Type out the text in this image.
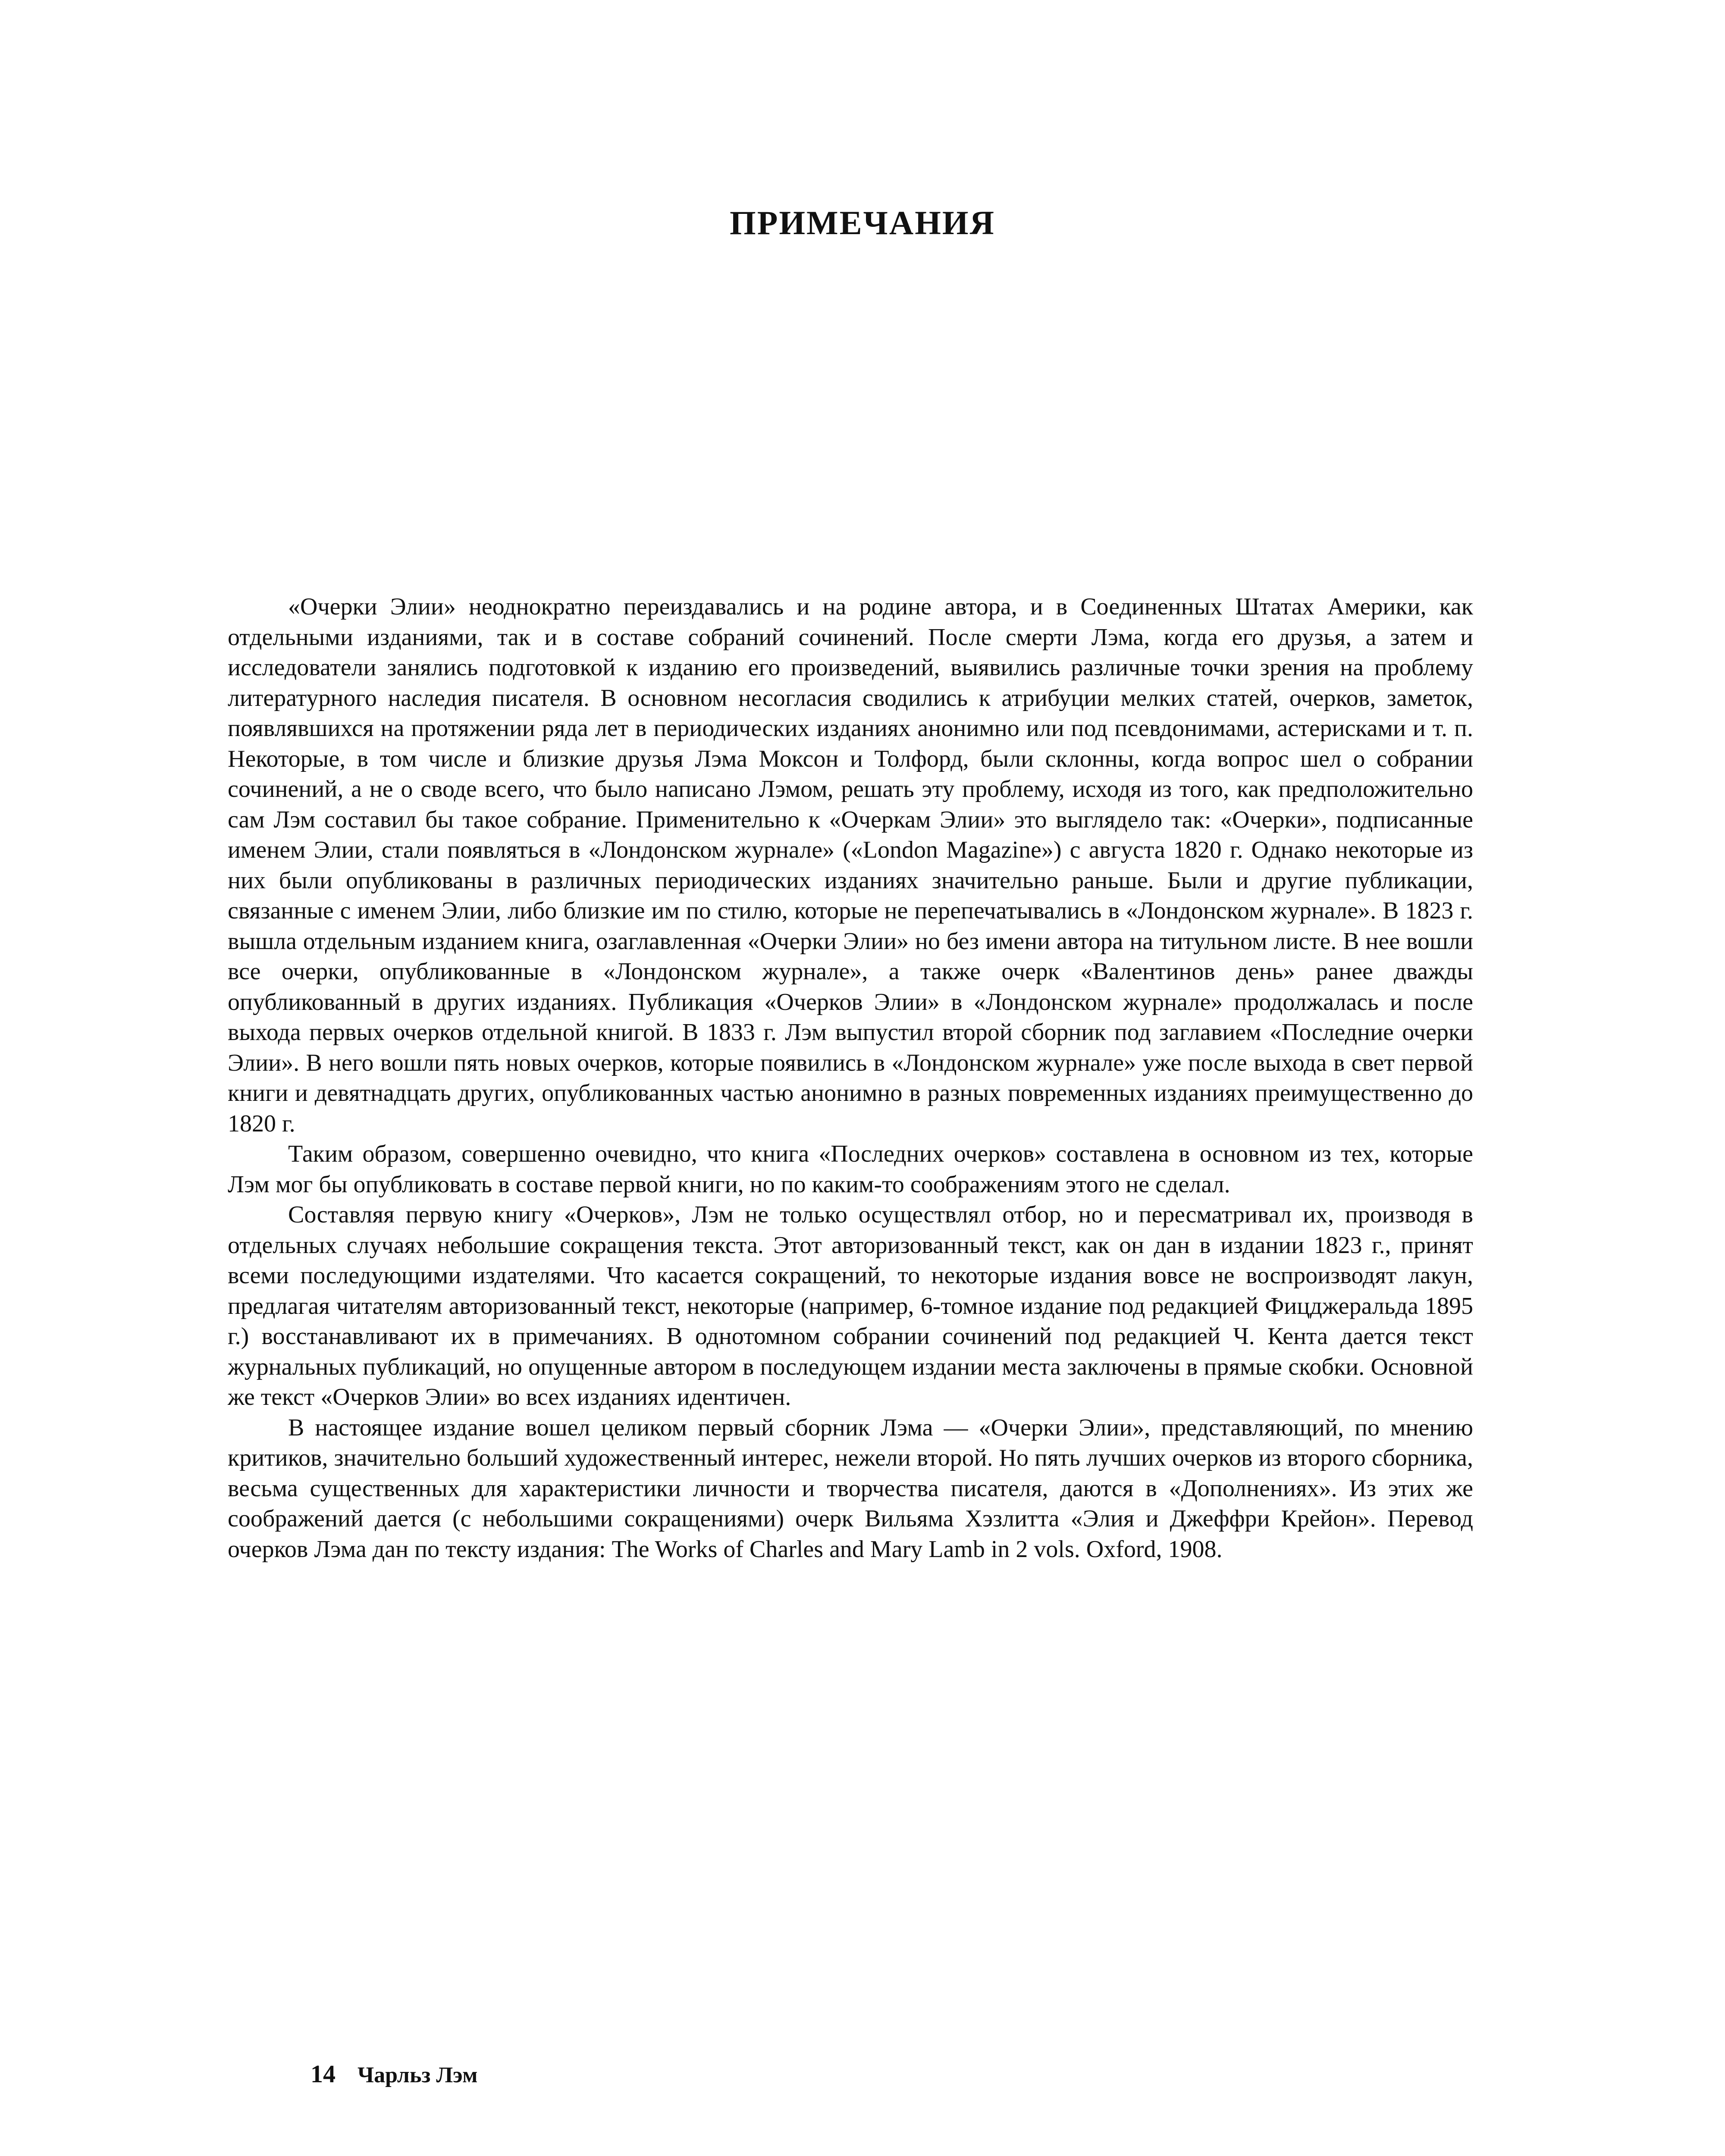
ПРИМЕЧАНИЯ

«Очерки Элии» неоднократно переиздавались и на родине автора, и в Соединенных Штатах Америки, как отдельными изданиями, так и в составе собраний сочинений. После смерти Лэма, когда его друзья, а затем и исследователи занялись подготовкой к изданию его произведений, выявились различные точки зрения на проблему литературного наследия писателя. В основном несогласия сводились к атрибуции мелких статей, очерков, заметок, появлявшихся на протяжении ряда лет в периодических изданиях анонимно или под псевдонимами, астерисками и т. п. Некоторые, в том числе и близкие друзья Лэма Моксон и Толфорд, были склонны, когда вопрос шел о собрании сочинений, а не о своде всего, что было написано Лэмом, решать эту проблему, исходя из того, как предположительно сам Лэм составил бы такое собрание. Применительно к «Очеркам Элии» это выглядело так: «Очерки», подписанные именем Элии, стали появляться в «Лондонском журнале» («London Magazine») с августа 1820 г. Однако некоторые из них были опубликованы в различных периодических изданиях значительно раньше. Были и другие публикации, связанные с именем Элии, либо близкие им по стилю, которые не перепечатывались в «Лондонском журнале». В 1823 г. вышла отдельным изданием книга, озаглавленная «Очерки Элии» но без имени автора на титульном листе. В нее вошли все очерки, опубликованные в «Лондонском журнале», а также очерк «Валентинов день» ранее дважды опубликованный в других изданиях. Публикация «Очерков Элии» в «Лондонском журнале» продолжалась и после выхода первых очерков отдельной книгой. В 1833 г. Лэм выпустил второй сборник под заглавием «Последние очерки Элии». В него вошли пять новых очерков, которые появились в «Лондонском журнале» уже после выхода в свет первой книги и девятнадцать других, опубликованных частью анонимно в разных повременных изданиях преимущественно до 1820 г.

Таким образом, совершенно очевидно, что книга «Последних очерков» составлена в основном из тех, которые Лэм мог бы опубликовать в составе первой книги, но по каким-то соображениям этого не сделал.

Составляя первую книгу «Очерков», Лэм не только осуществлял отбор, но и пересматривал их, производя в отдельных случаях небольшие сокращения текста. Этот авторизованный текст, как он дан в издании 1823 г., принят всеми последующими издателями. Что касается сокращений, то некоторые издания вовсе не воспроизводят лакун, предлагая читателям авторизованный текст, некоторые (например, 6-томное издание под редакцией Фицджеральда 1895 г.) восстанавливают их в примечаниях. В однотомном собрании сочинений под редакцией Ч. Кента дается текст журнальных публикаций, но опущенные автором в последующем издании места заключены в прямые скобки. Основной же текст «Очерков Элии» во всех изданиях идентичен.

В настоящее издание вошел целиком первый сборник Лэма — «Очерки Элии», представляющий, по мнению критиков, значительно больший художественный интерес, нежели второй. Но пять лучших очерков из второго сборника, весьма существенных для характеристики личности и творчества писателя, даются в «Дополнениях». Из этих же соображений дается (с небольшими сокращениями) очерк Вильяма Хэзлитта «Элия и Джеффри Крейон». Перевод очерков Лэма дан по тексту издания: The Works of Charles and Mary Lamb in 2 vols. Oxford, 1908.

14 Чарльз Лэм
